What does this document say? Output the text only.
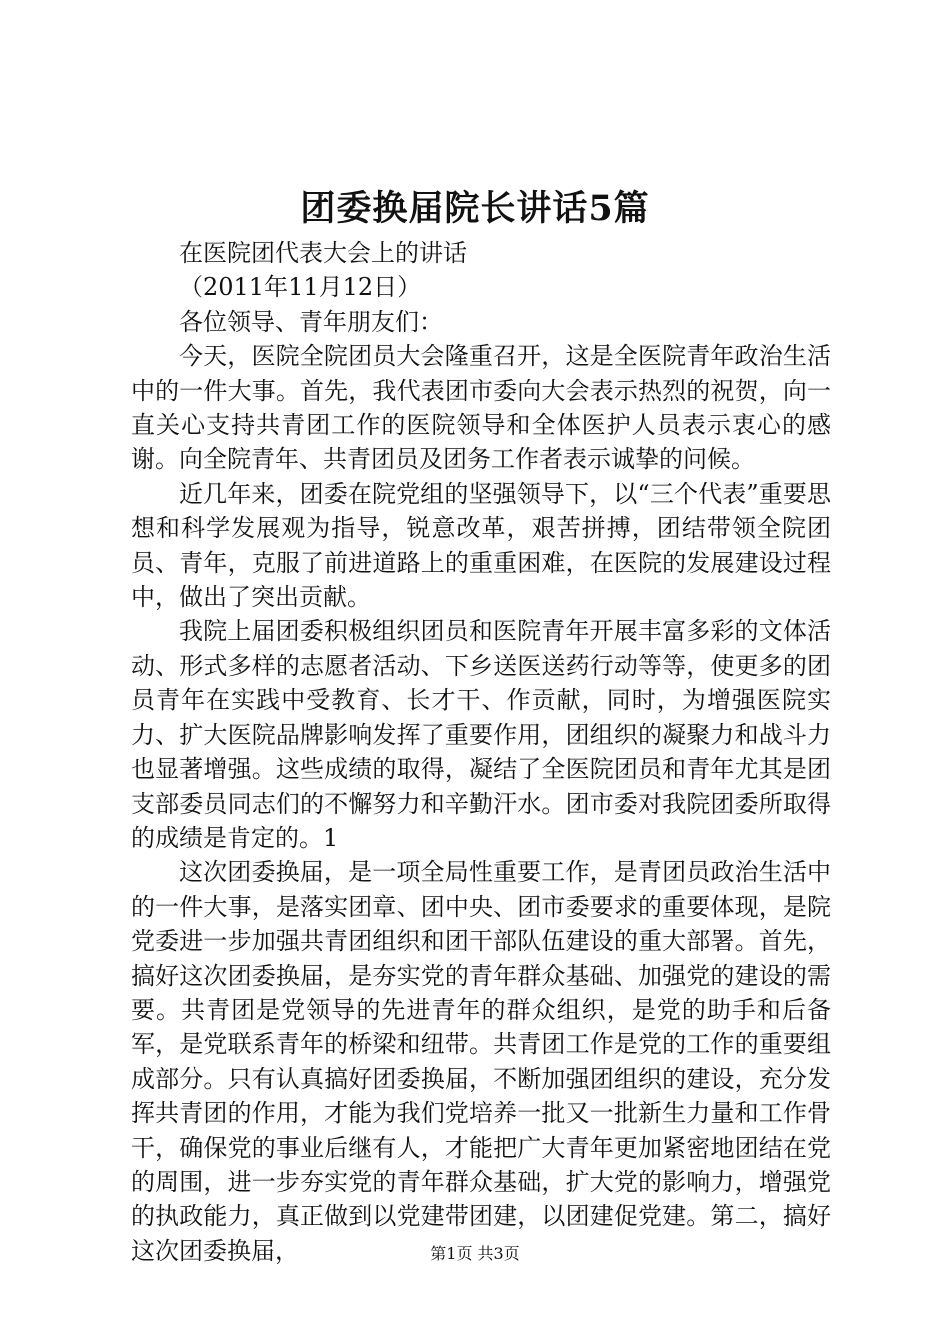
团委换届院长讲话5篇

在医院团代表大会上的讲话

（2011年11月12日）

各位领导、青年朋友们：

今天，医院全院团员大会隆重召开，这是全医院青年政治生活中的一件大事。首先，我代表团市委向大会表示热烈的祝贺，向一直关心支持共青团工作的医院领导和全体医护人员表示衷心的感谢。向全院青年、共青团员及团务工作者表示诚挚的问候。

近几年来，团委在院党组的坚强领导下，以“三个代表”重要思想和科学发展观为指导，锐意改革，艰苦拼搏，团结带领全院团员、青年，克服了前进道路上的重重困难，在医院的发展建设过程中，做出了突出贡献。

我院上届团委积极组织团员和医院青年开展丰富多彩的文体活动、形式多样的志愿者活动、下乡送医送药行动等等，使更多的团员青年在实践中受教育、长才干、作贡献，同时，为增强医院实力、扩大医院品牌影响发挥了重要作用，团组织的凝聚力和战斗力也显著增强。这些成绩的取得，凝结了全医院团员和青年尤其是团支部委员同志们的不懈努力和辛勤汗水。团市委对我院团委所取得的成绩是肯定的。1

这次团委换届，是一项全局性重要工作，是青团员政治生活中的一件大事，是落实团章、团中央、团市委要求的重要体现，是院党委进一步加强共青团组织和团干部队伍建设的重大部署。首先，搞好这次团委换届，是夯实党的青年群众基础、加强党的建设的需要。共青团是党领导的先进青年的群众组织，是党的助手和后备军，是党联系青年的桥梁和纽带。共青团工作是党的工作的重要组成部分。只有认真搞好团委换届，不断加强团组织的建设，充分发挥共青团的作用，才能为我们党培养一批又一批新生力量和工作骨干，确保党的事业后继有人，才能把广大青年更加紧密地团结在党的周围，进一步夯实党的青年群众基础，扩大党的影响力，增强党的执政能力，真正做到以党建带团建，以团建促党建。第二，搞好这次团委换届，	第1页 共3页
